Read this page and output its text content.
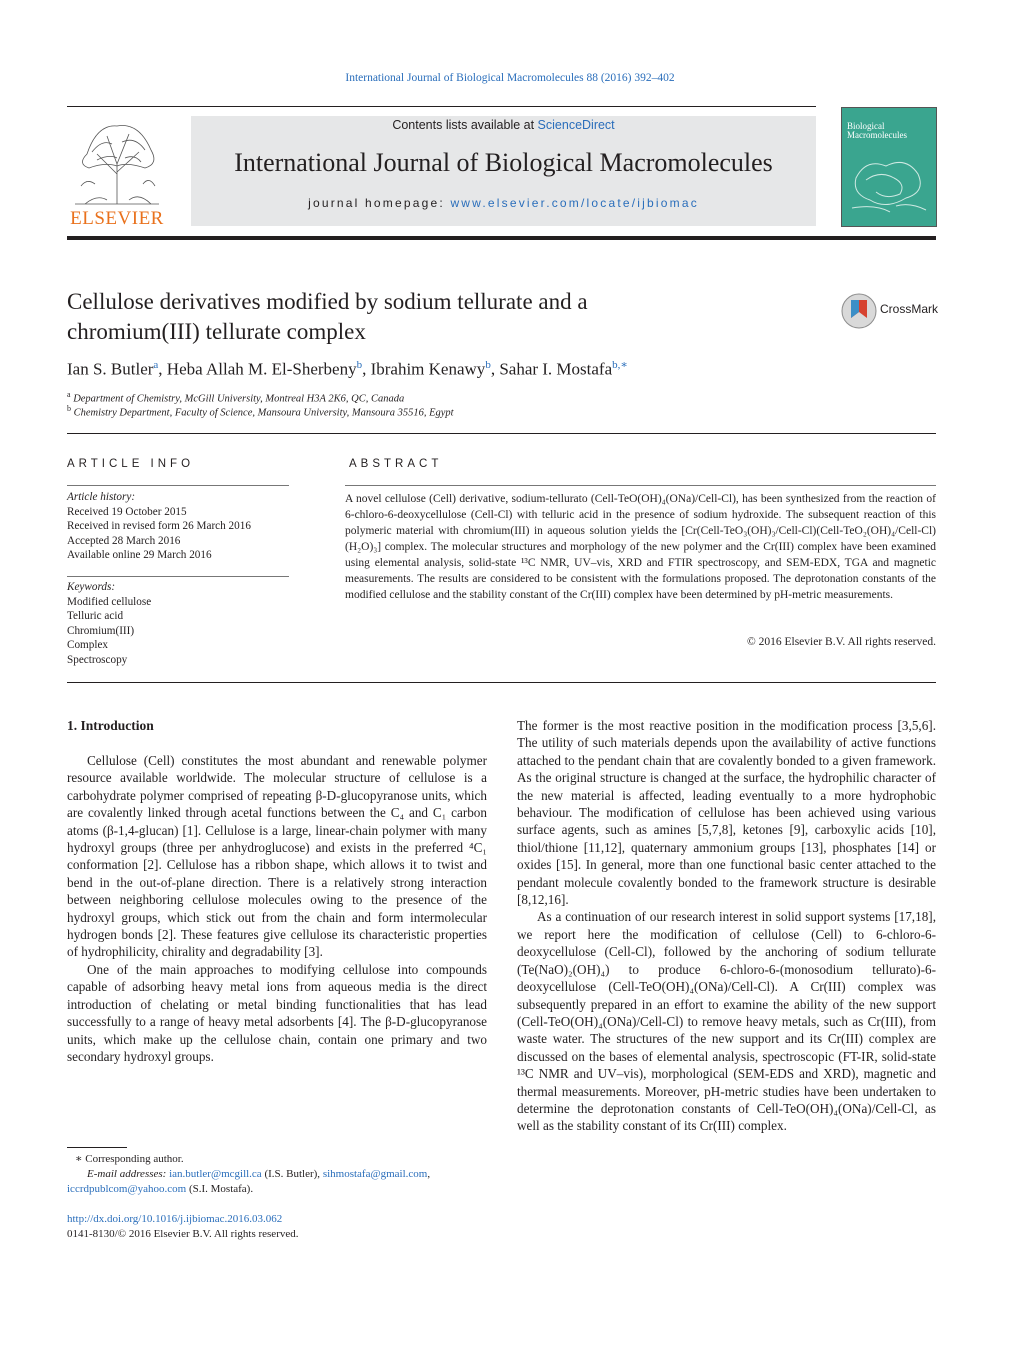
International Journal of Biological Macromolecules 88 (2016) 392–402
ELSEVIER
Contents lists available at ScienceDirect
International Journal of Biological Macromolecules
journal homepage: www.elsevier.com/locate/ijbiomac
Biological
Macromolecules
Cellulose derivatives modified by sodium tellurate and a
chromium(III) tellurate complex
CrossMark
Ian S. Butler$^a$, Heba Allah M. El-Sherbeny$^b$, Ibrahim Kenawy$^b$, Sahar I. Mostafa$^{b,∗}$
$^a$ Department of Chemistry, McGill University, Montreal H3A 2K6, QC, Canada
$^b$ Chemistry Department, Faculty of Science, Mansoura University, Mansoura 35516, Egypt
ARTICLE INFO
Article history:
Received 19 October 2015
Received in revised form 26 March 2016
Accepted 28 March 2016
Available online 29 March 2016
Keywords:
Modified cellulose
Telluric acid
Chromium(III)
Complex
Spectroscopy
ABSTRACT
A novel cellulose (Cell) derivative, sodium-tellurato (Cell-TeO(OH)₄(ONa)/Cell-Cl), has been synthesized from the reaction of 6-chloro-6-deoxycellulose (Cell-Cl) with telluric acid in the presence of sodium hydroxide. The subsequent reaction of this polymeric material with chromium(III) in aqueous solution yields the [Cr(Cell-TeO₃(OH)₃/Cell-Cl)(Cell-TeO₂(OH)₄/Cell-Cl)(H₂O)₃] complex. The molecular structures and morphology of the new polymer and the Cr(III) complex have been examined using elemental analysis, solid-state ¹³C NMR, UV–vis, XRD and FTIR spectroscopy, and SEM-EDX, TGA and magnetic measurements. The results are considered to be consistent with the formulations proposed. The deprotonation constants of the modified cellulose and the stability constant of the Cr(III) complex have been determined by pH-metric measurements.
© 2016 Elsevier B.V. All rights reserved.
1. Introduction

Cellulose (Cell) constitutes the most abundant and renewable polymer resource available worldwide. The molecular structure of cellulose is a carbohydrate polymer comprised of repeating β-D-glucopyranose units, which are covalently linked through acetal functions between the C₄ and C₁ carbon atoms (β-1,4-glucan) [1]. Cellulose is a large, linear-chain polymer with many hydroxyl groups (three per anhydroglucose) and exists in the preferred ⁴C₁ conformation [2]. Cellulose has a ribbon shape, which allows it to twist and bend in the out-of-plane direction. There is a relatively strong interaction between neighboring cellulose molecules owing to the presence of the hydroxyl groups, which stick out from the chain and form intermolecular hydrogen bonds [2]. These features give cellulose its characteristic properties of hydrophilicity, chirality and degradability [3].

One of the main approaches to modifying cellulose into compounds capable of adsorbing heavy metal ions from aqueous media is the direct introduction of chelating or metal binding functionalities that has lead successfully to a range of heavy metal adsorbents [4]. The β-D-glucopyranose units, which make up the cellulose chain, contain one primary and two secondary hydroxyl groups.

The former is the most reactive position in the modification process [3,5,6]. The utility of such materials depends upon the availability of active functions attached to the pendant chain that are covalently bonded to a given framework. As the original structure is changed at the surface, the hydrophilic character of the new material is affected, leading eventually to a more hydrophobic behaviour. The modification of cellulose has been achieved using various surface agents, such as amines [5,7,8], ketones [9], carboxylic acids [10], thiol/thione [11,12], quaternary ammonium groups [13], phosphates [14] or oxides [15]. In general, more than one functional basic center attached to the pendant molecule covalently bonded to the framework structure is desirable [8,12,16].

As a continuation of our research interest in solid support systems [17,18], we report here the modification of cellulose (Cell) to 6-chloro-6-deoxycellulose (Cell-Cl), followed by the anchoring of sodium tellurate (Te(NaO)₂(OH)₄) to produce 6-chloro-6-(monosodium tellurato)-6-deoxycellulose (Cell-TeO(OH)₄(ONa)/Cell-Cl). A Cr(III) complex was subsequently prepared in an effort to examine the ability of the new support (Cell-TeO(OH)₄(ONa)/Cell-Cl) to remove heavy metals, such as Cr(III), from waste water. The structures of the new support and its Cr(III) complex are discussed on the bases of elemental analysis, spectroscopic (FT-IR, solid-state ¹³C NMR and UV–vis), morphological (SEM-EDS and XRD), magnetic and thermal measurements. Moreover, pH-metric studies have been undertaken to determine the deprotonation constants of Cell-TeO(OH)₄(ONa)/Cell-Cl, as well as the stability constant of its Cr(III) complex.

∗ Corresponding author.
E-mail addresses: ian.butler@mcgill.ca (I.S. Butler), sihmostafa@gmail.com,
iccrdpublcom@yahoo.com (S.I. Mostafa).
http://dx.doi.org/10.1016/j.ijbiomac.2016.03.062
0141-8130/© 2016 Elsevier B.V. All rights reserved.
